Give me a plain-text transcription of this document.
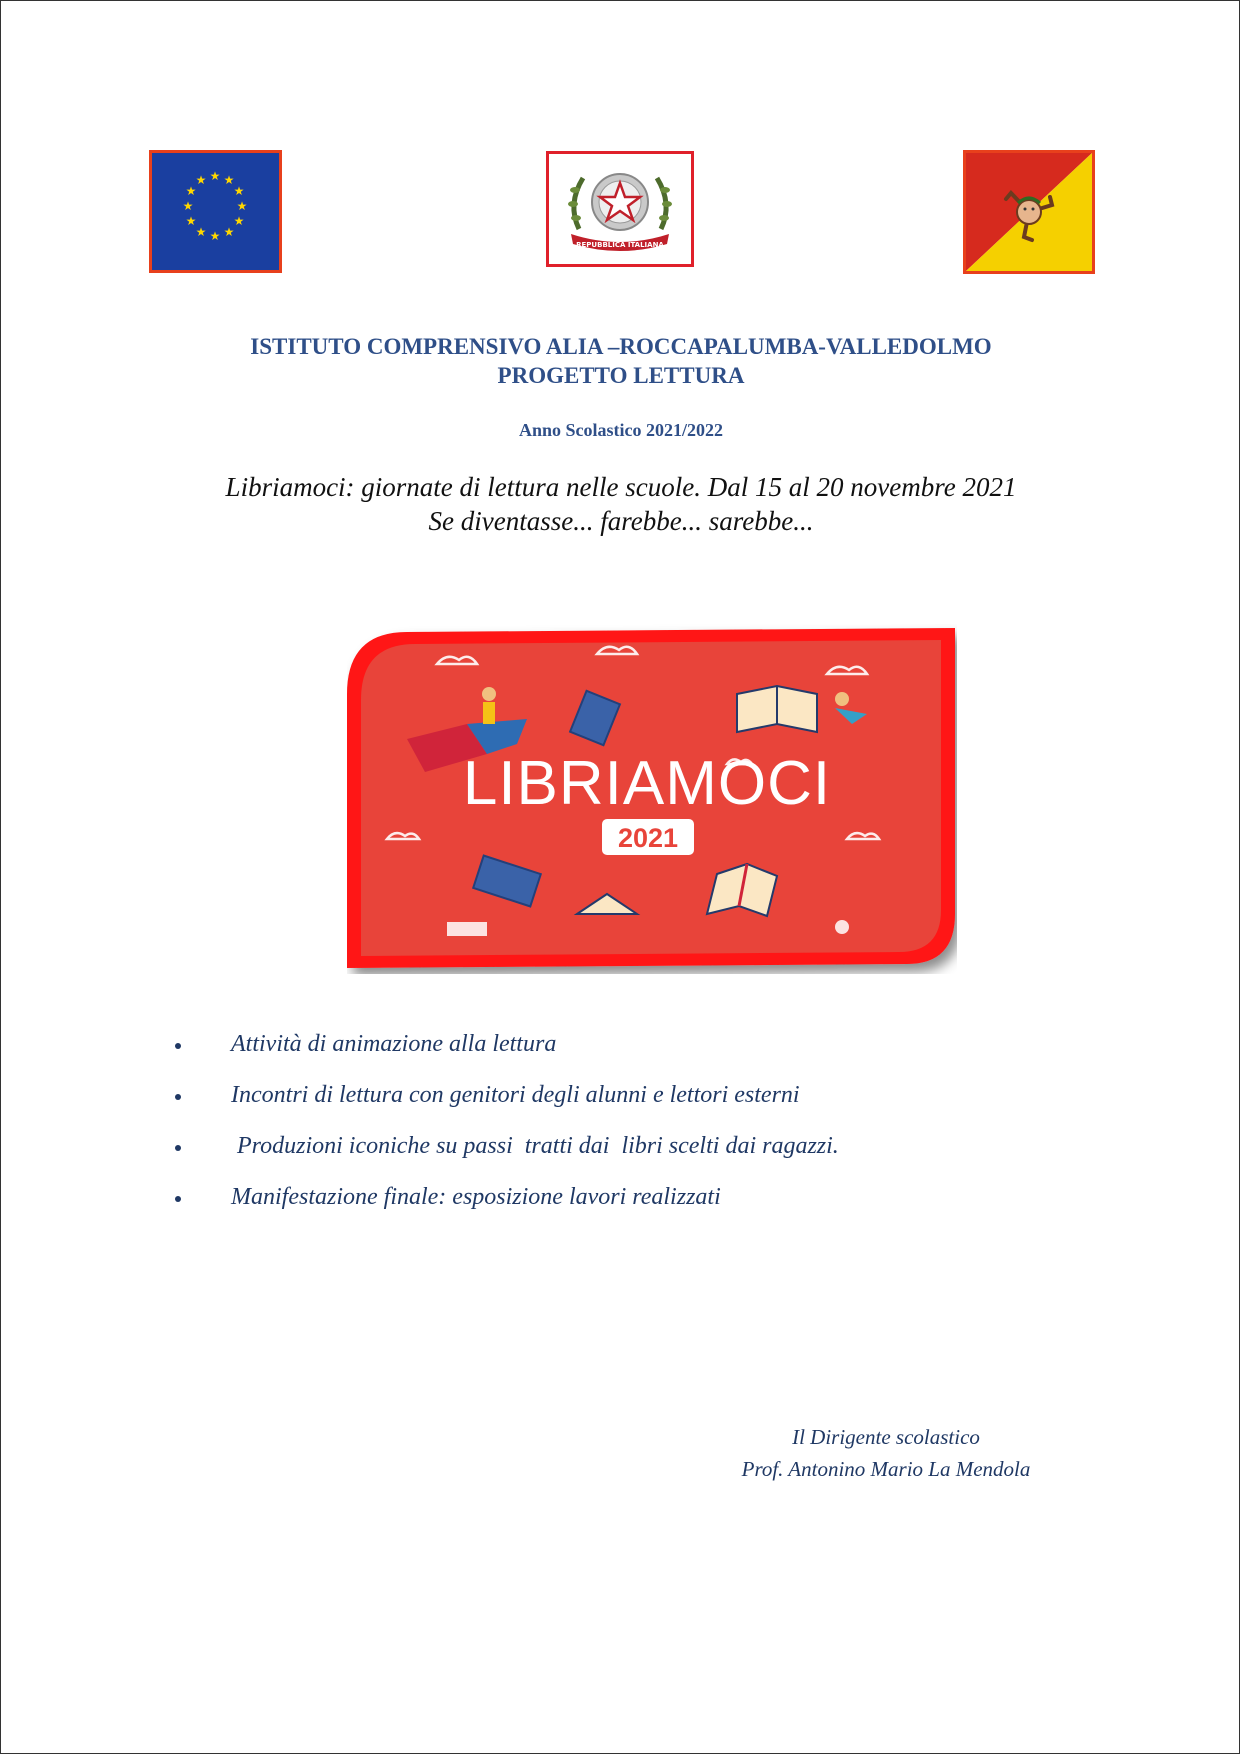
★ ★
★
★
★
★
★
★
★
★
★
★
REPUBBLICA ITALIANA
ISTITUTO COMPRENSIVO ALIA –ROCCAPALUMBA-VALLEDOLMO
PROGETTO LETTURA
Anno Scolastico 2021/2022
Libriamoci: giornate di lettura nelle scuole. Dal 15 al 20 novembre 2021
Se diventasse... farebbe... sarebbe...
LIBRIAMOCI
2021
Attività di animazione alla lettura
Incontri di lettura con genitori degli alunni e lettori esterni
Produzioni iconiche su passi  tratti dai  libri scelti dai ragazzi.
Manifestazione finale: esposizione lavori realizzati
Il Dirigente scolastico
Prof. Antonino Mario La Mendola
